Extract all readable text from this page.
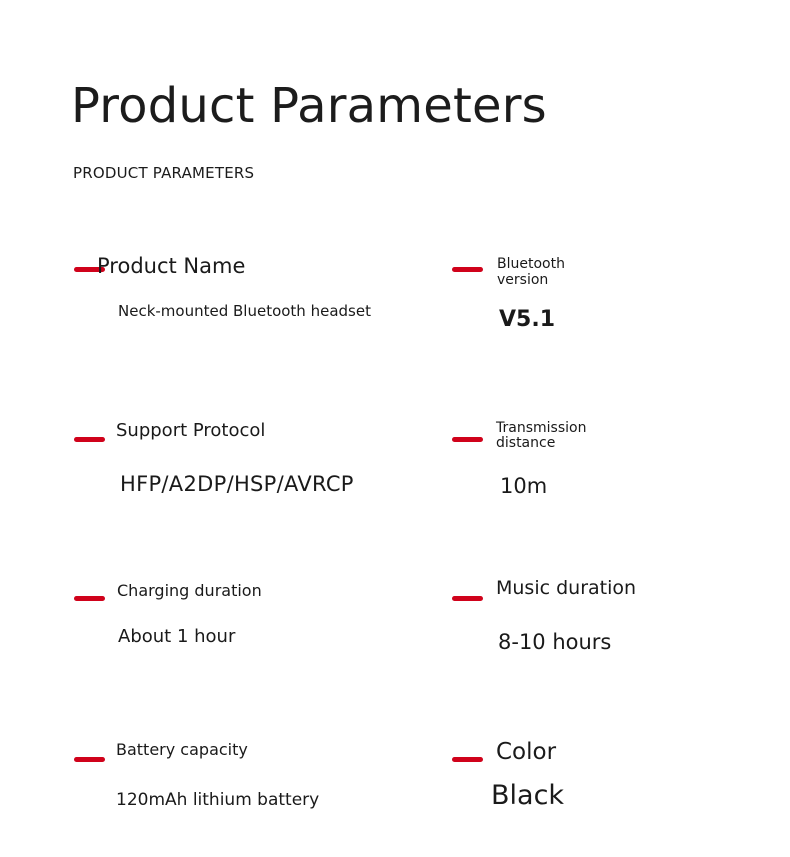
Product Parameters
PRODUCT PARAMETERS
Product Name
Neck-mounted Bluetooth headset
Bluetooth version
V5.1
Support Protocol
HFP/A2DP/HSP/AVRCP
Transmission distance
10m
Charging duration
About 1 hour
Music duration
8-10 hours
Battery capacity
120mAh lithium battery
Color
Black
